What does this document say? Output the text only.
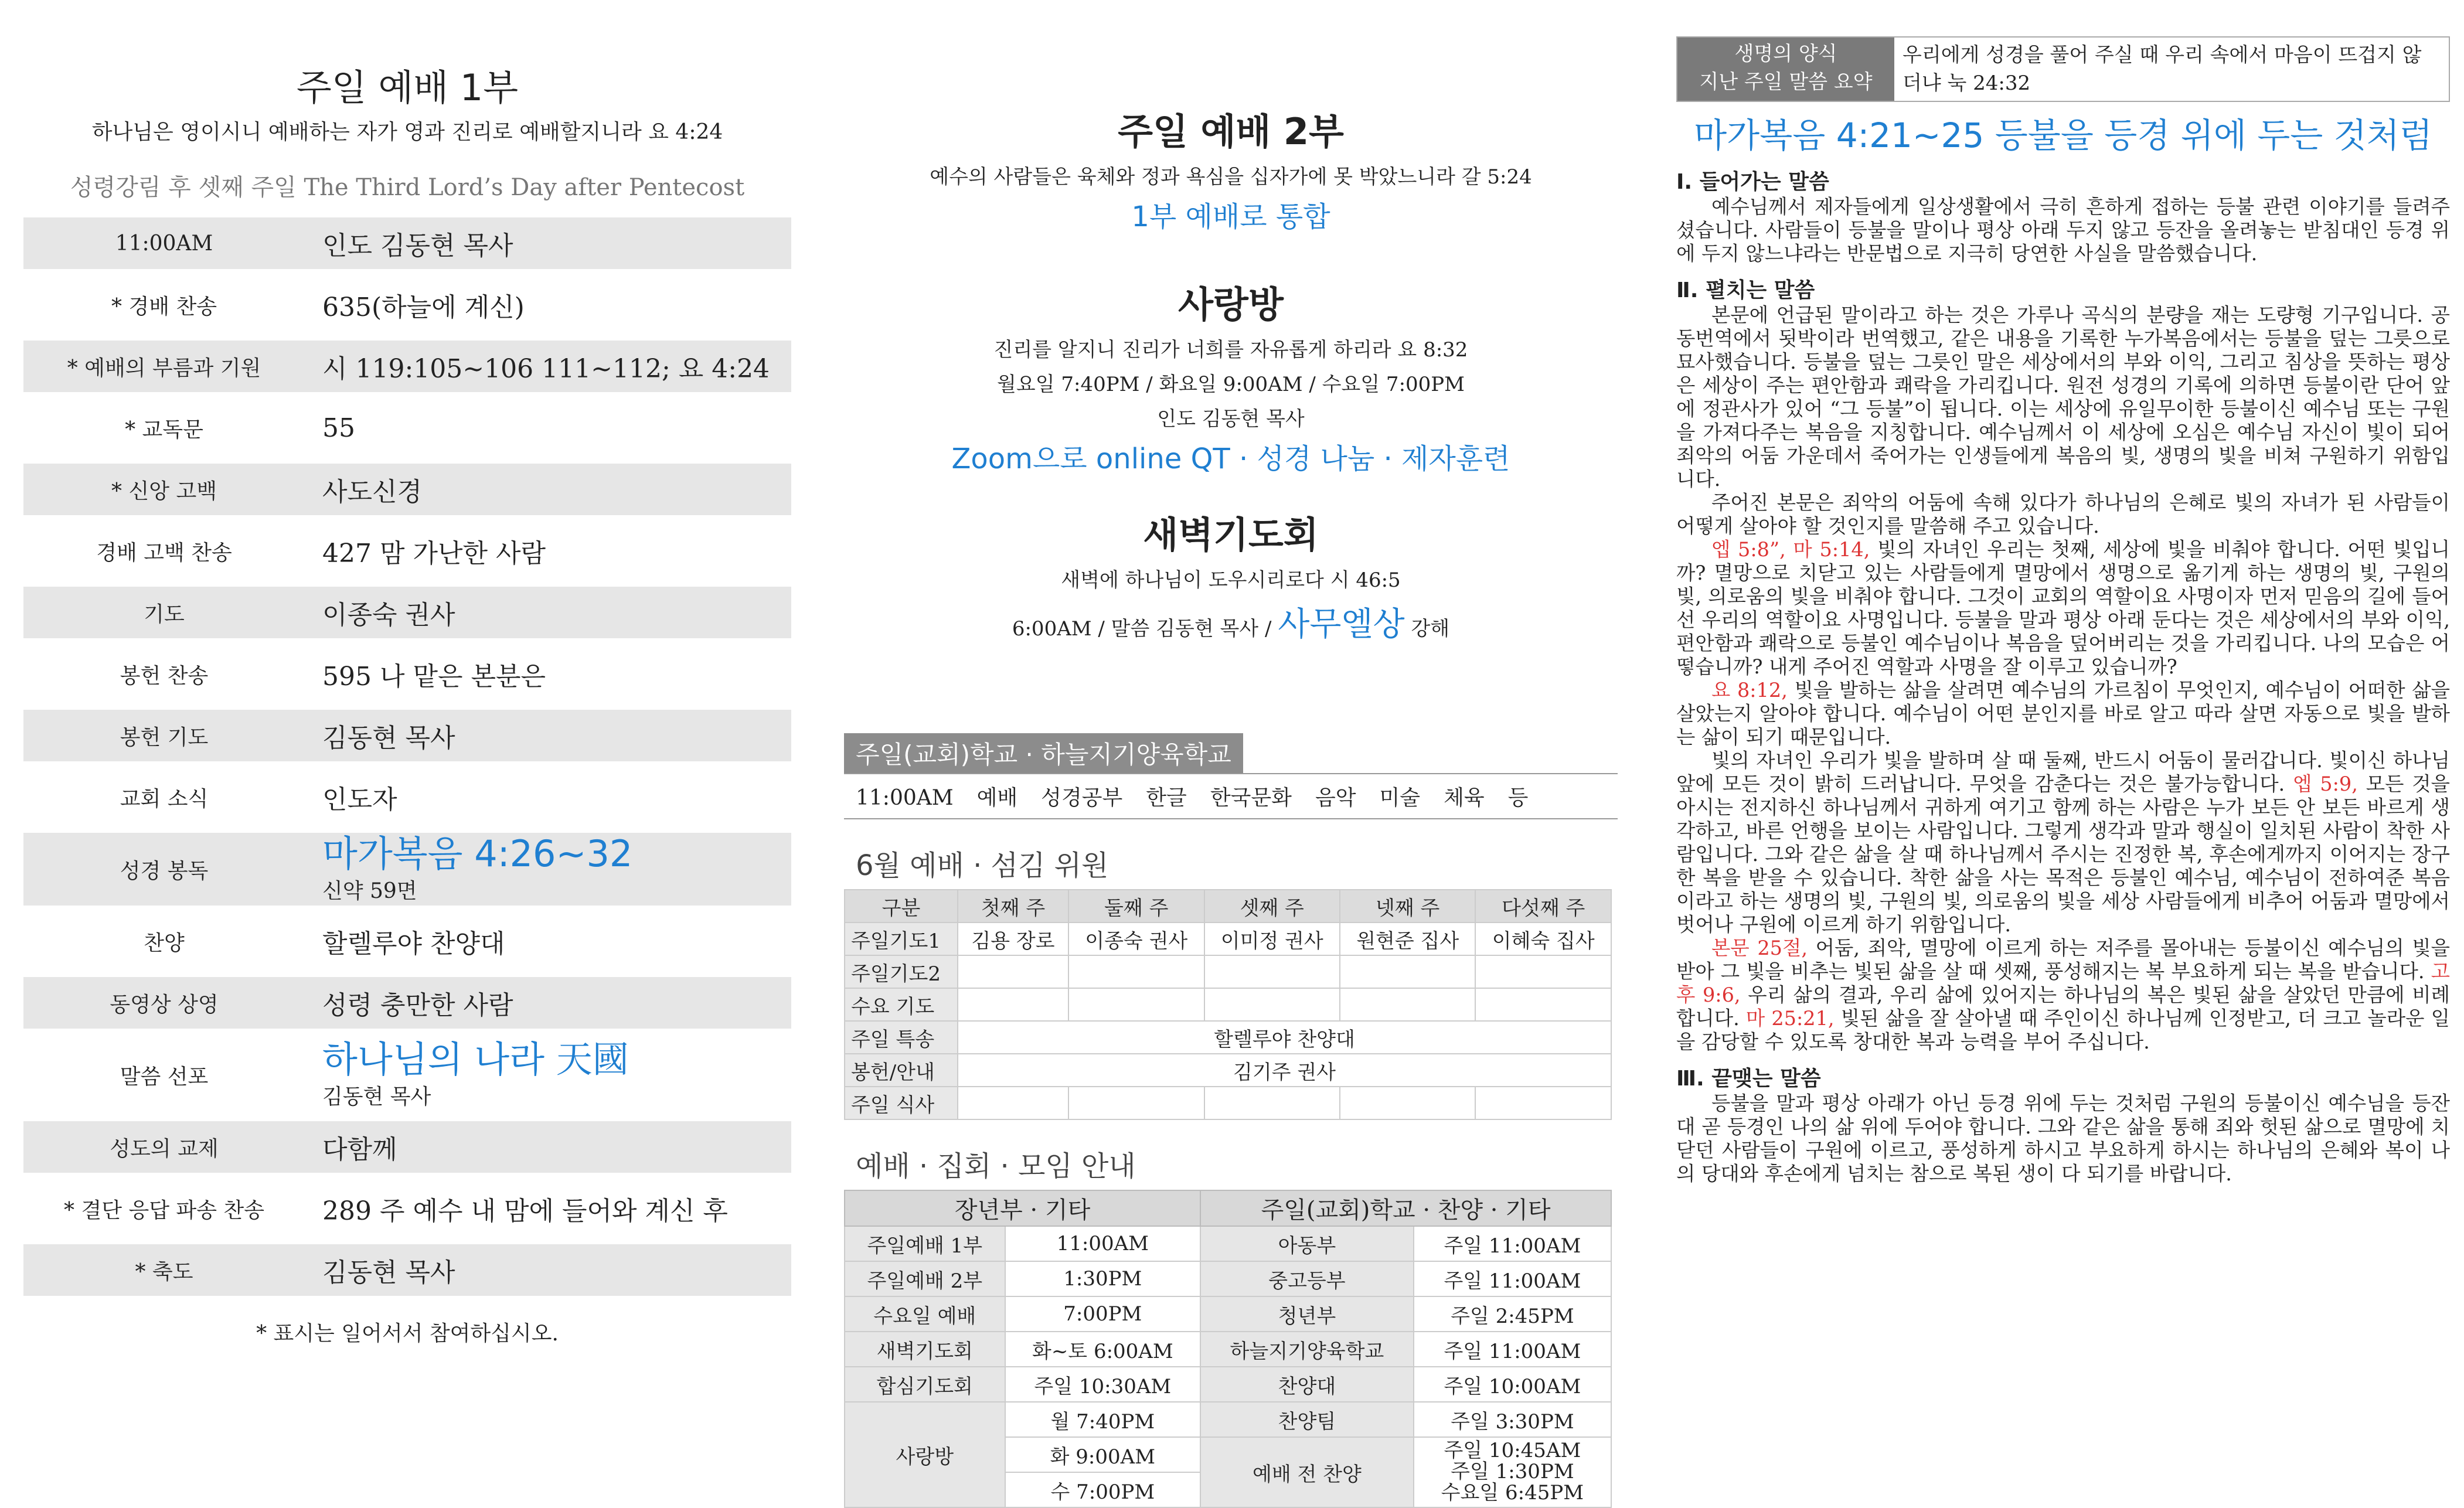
주일 예배 1부
하나님은 영이시니 예배하는 자가 영과 진리로 예배할지니라 요 4:24
성령강림 후 셋째 주일 The Third Lord’s Day after Pentecost
11:00AM	인도 김동현 목사
* 경배 찬송	635(하늘에 계신)
* 예배의 부름과 기원	시 119:105~106 111~112; 요 4:24
* 교독문	55
* 신앙 고백	사도신경
경배 고백 찬송	427 맘 가난한 사람
기도	이종숙 권사
봉헌 찬송	595 나 맡은 본분은
봉헌 기도	김동현 목사
교회 소식	인도자
성경 봉독	마가복음 4:26~32
신약 59면
찬양	할렐루야 찬양대
동영상 상영	성령 충만한 사람
말씀 선포	하나님의 나라 天國
김동현 목사
성도의 교제	다함께
* 결단 응답 파송 찬송	289 주 예수 내 맘에 들어와 계신 후
* 축도	김동현 목사
* 표시는 일어서서 참여하십시오.
주일 예배 2부
예수의 사람들은 육체와 정과 욕심을 십자가에 못 박았느니라 갈 5:24
1부 예배로 통합
사랑방
진리를 알지니 진리가 너희를 자유롭게 하리라 요 8:32
월요일 7:40PM / 화요일 9:00AM / 수요일 7:00PM
인도 김동현 목사
Zoom으로 online QT · 성경 나눔 · 제자훈련
새벽기도회
새벽에 하나님이 도우시리로다 시 46:5
6:00AM / 말씀 김동현 목사 / 사무엘상 강해
주일(교회)학교 · 하늘지기양육학교
11:00AM 예배 성경공부 한글 한국문화 음악 미술 체육 등
6월 예배 · 섬김 위원
구분	첫째 주	둘째 주	셋째 주	넷째 주	다섯째 주
주일기도1	김용 장로	이종숙 권사	이미정 권사	원현준 집사	이혜숙 집사
주일기도2					
수요 기도					
주일 특송	할렐루야 찬양대				
봉헌/안내	김기주 권사				
주일 식사					
예배 · 집회 · 모임 안내
장년부 · 기타		주일(교회)학교 · 찬양 · 기타	
주일예배 1부	11:00AM	아동부	주일 11:00AM
주일예배 2부	1:30PM	중고등부	주일 11:00AM
수요일 예배	7:00PM	청년부	주일 2:45PM
새벽기도회	화~토 6:00AM	하늘지기양육학교	주일 11:00AM
합심기도회	주일 10:30AM	찬양대	주일 10:00AM
사랑방	월 7:40PM	찬양팀	주일 3:30PM
	화 9:00AM	예배 전 찬양	주일 10:45AM
주일 1:30PM
수요일 6:45PM

	수 7:00PM		
생명의 양식
지난 주일 말씀 요약
우리에게 성경을 풀어 주실 때 우리 속에서 마음이 뜨겁지 않더냐 눅 24:32
마가복음 4:21~25 등불을 등경 위에 두는 것처럼
Ⅰ. 들어가는 말씀

예수님께서 제자들에게 일상생활에서 극히 흔하게 접하는 등불 관련 이야기를 들려주셨습니다. 사람들이 등불을 말이나 평상 아래 두지 않고 등잔을 올려놓는 받침대인 등경 위에 두지 않느냐라는 반문법으로 지극히 당연한 사실을 말씀했습니다.

Ⅱ. 펼치는 말씀

본문에 언급된 말이라고 하는 것은 가루나 곡식의 분량을 재는 도량형 기구입니다. 공동번역에서 됫박이라 번역했고, 같은 내용을 기록한 누가복음에서는 등불을 덮는 그릇으로 묘사했습니다. 등불을 덮는 그릇인 말은 세상에서의 부와 이익, 그리고 침상을 뜻하는 평상은 세상이 주는 편안함과 쾌락을 가리킵니다. 원전 성경의 기록에 의하면 등불이란 단어 앞에 정관사가 있어 “그 등불”이 됩니다. 이는 세상에 유일무이한 등불이신 예수님 또는 구원을 가져다주는 복음을 지칭합니다. 예수님께서 이 세상에 오심은 예수님 자신이 빛이 되어 죄악의 어둠 가운데서 죽어가는 인생들에게 복음의 빛, 생명의 빛을 비쳐 구원하기 위함입니다.

주어진 본문은 죄악의 어둠에 속해 있다가 하나님의 은혜로 빛의 자녀가 된 사람들이 어떻게 살아야 할 것인지를 말씀해 주고 있습니다.

엡 5:8”, 마 5:14, 빛의 자녀인 우리는 첫째, 세상에 빛을 비춰야 합니다. 어떤 빛입니까? 멸망으로 치닫고 있는 사람들에게 멸망에서 생명으로 옮기게 하는 생명의 빛, 구원의 빛, 의로움의 빛을 비춰야 합니다. 그것이 교회의 역할이요 사명이자 먼저 믿음의 길에 들어선 우리의 역할이요 사명입니다. 등불을 말과 평상 아래 둔다는 것은 세상에서의 부와 이익, 편안함과 쾌락으로 등불인 예수님이나 복음을 덮어버리는 것을 가리킵니다. 나의 모습은 어떻습니까? 내게 주어진 역할과 사명을 잘 이루고 있습니까?

요 8:12, 빛을 발하는 삶을 살려면 예수님의 가르침이 무엇인지, 예수님이 어떠한 삶을 살았는지 알아야 합니다. 예수님이 어떤 분인지를 바로 알고 따라 살면 자동으로 빛을 발하는 삶이 되기 때문입니다.

빛의 자녀인 우리가 빛을 발하며 살 때 둘째, 반드시 어둠이 물러갑니다. 빛이신 하나님 앞에 모든 것이 밝히 드러납니다. 무엇을 감춘다는 것은 불가능합니다. 엡 5:9, 모든 것을 아시는 전지하신 하나님께서 귀하게 여기고 함께 하는 사람은 누가 보든 안 보든 바르게 생각하고, 바른 언행을 보이는 사람입니다. 그렇게 생각과 말과 행실이 일치된 사람이 착한 사람입니다. 그와 같은 삶을 살 때 하나님께서 주시는 진정한 복, 후손에게까지 이어지는 장구한 복을 받을 수 있습니다. 착한 삶을 사는 목적은 등불인 예수님, 예수님이 전하여준 복음이라고 하는 생명의 빛, 구원의 빛, 의로움의 빛을 세상 사람들에게 비추어 어둠과 멸망에서 벗어나 구원에 이르게 하기 위함입니다.

본문 25절, 어둠, 죄악, 멸망에 이르게 하는 저주를 몰아내는 등불이신 예수님의 빛을 받아 그 빛을 비추는 빛된 삶을 살 때 셋째, 풍성해지는 복 부요하게 되는 복을 받습니다. 고후 9:6, 우리 삶의 결과, 우리 삶에 있어지는 하나님의 복은 빛된 삶을 살았던 만큼에 비례합니다. 마 25:21, 빛된 삶을 잘 살아낼 때 주인이신 하나님께 인정받고, 더 크고 놀라운 일을 감당할 수 있도록 창대한 복과 능력을 부어 주십니다.

Ⅲ. 끝맺는 말씀

등불을 말과 평상 아래가 아닌 등경 위에 두는 것처럼 구원의 등불이신 예수님을 등잔대 곧 등경인 나의 삶 위에 두어야 합니다. 그와 같은 삶을 통해 죄와 헛된 삶으로 멸망에 치닫던 사람들이 구원에 이르고, 풍성하게 하시고 부요하게 하시는 하나님의 은혜와 복이 나의 당대와 후손에게 넘치는 참으로 복된 생이 다 되기를 바랍니다.
